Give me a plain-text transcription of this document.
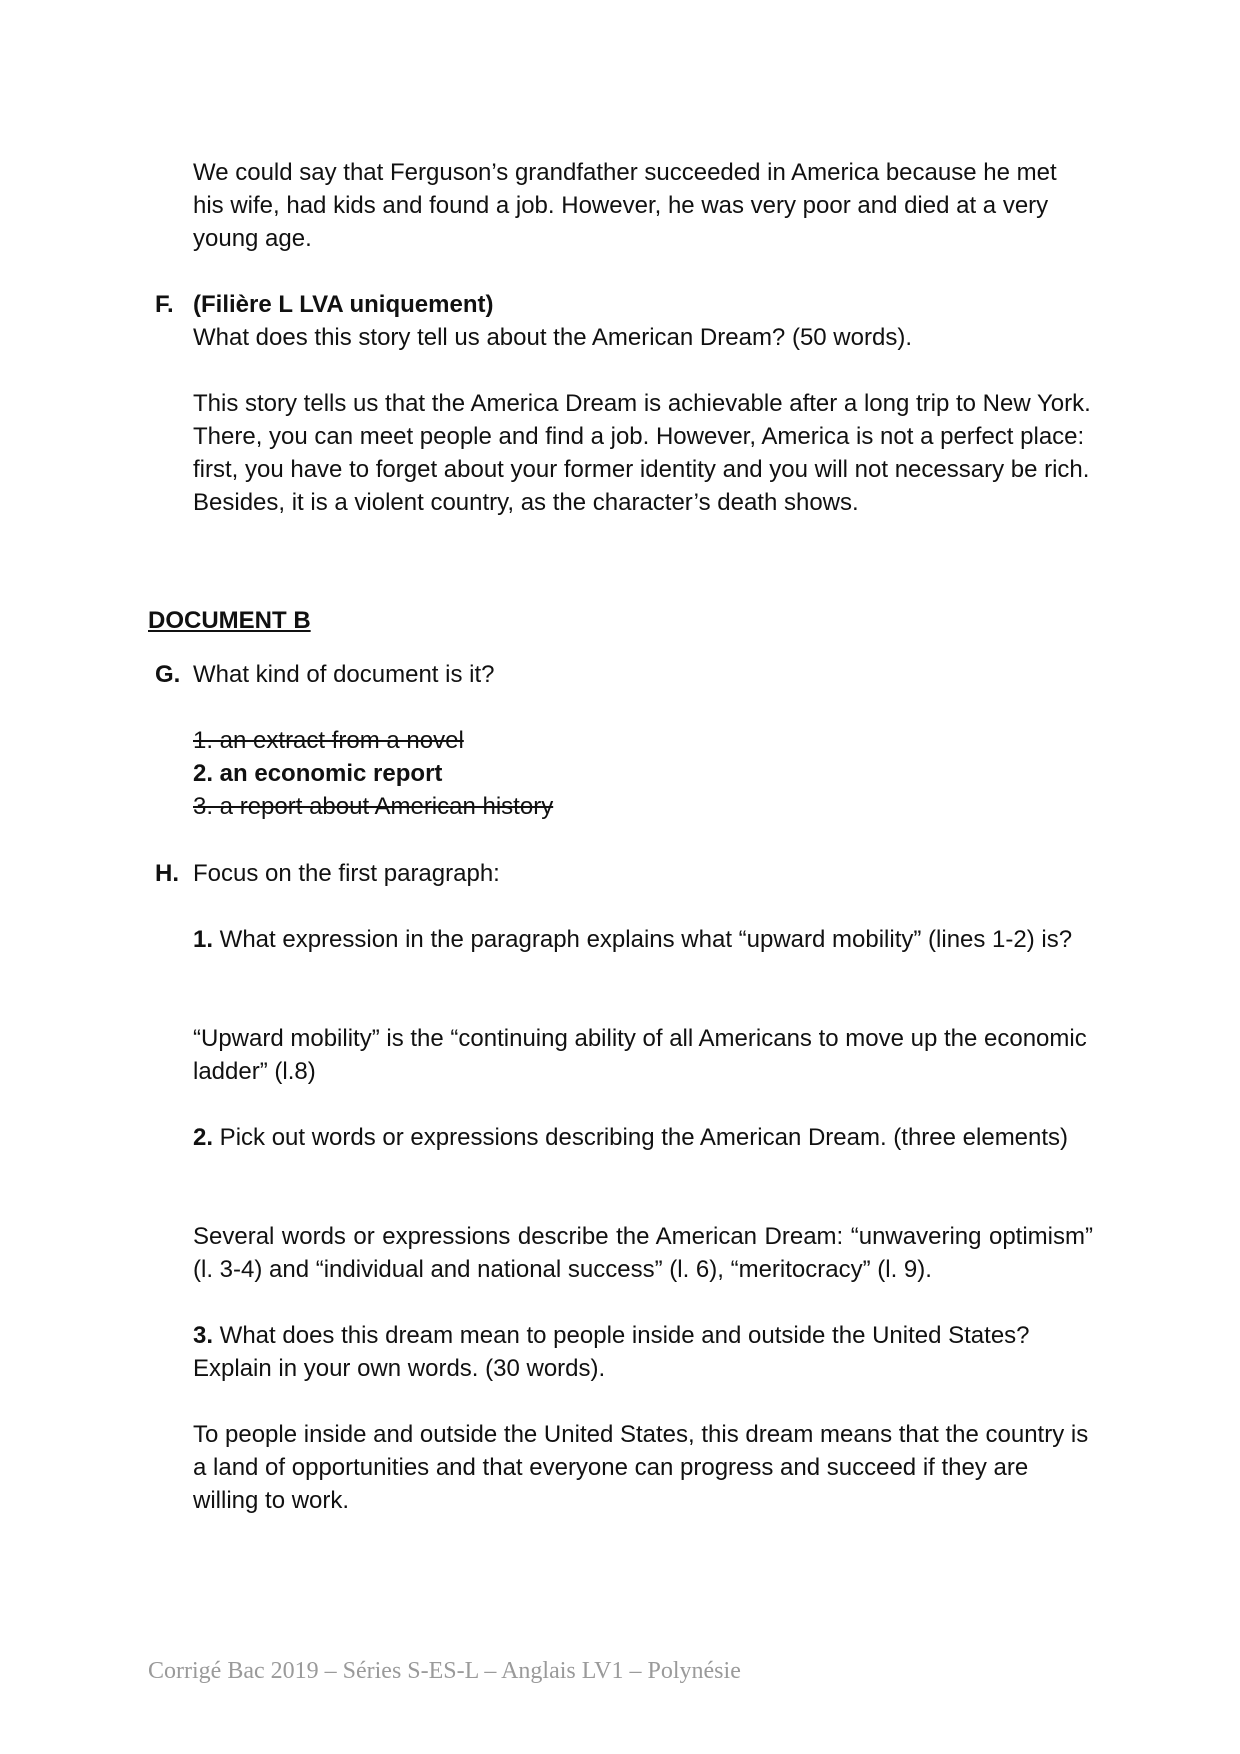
We could say that Ferguson’s grandfather succeeded in America because he met his wife, had kids and found a job. However, he was very poor and died at a very young age.

F. (Filière L LVA uniquement)

What does this story tell us about the American Dream? (50 words).

This story tells us that the America Dream is achievable after a long trip to New York. There, you can meet people and find a job. However, America is not a perfect place: first, you have to forget about your former identity and you will not necessary be rich. Besides, it is a violent country, as the character’s death shows.

DOCUMENT B

G. What kind of document is it?

1. an extract from a novel

2. an economic report

3. a report about American history

H. Focus on the first paragraph:

1. What expression in the paragraph explains what “upward mobility” (lines 1-2) is?

“Upward mobility” is the “continuing ability of all Americans to move up the economic ladder” (l.8)

2. Pick out words or expressions describing the American Dream. (three elements)

Several words or expressions describe the American Dream: “unwavering optimism” (l. 3-4) and “individual and national success” (l. 6), “meritocracy” (l. 9).

3. What does this dream mean to people inside and outside the United States? Explain in your own words. (30 words).

To people inside and outside the United States, this dream means that the country is a land of opportunities and that everyone can progress and succeed if they are willing to work.

Corrigé Bac 2019 – Séries S-ES-L – Anglais LV1 – Polynésie
